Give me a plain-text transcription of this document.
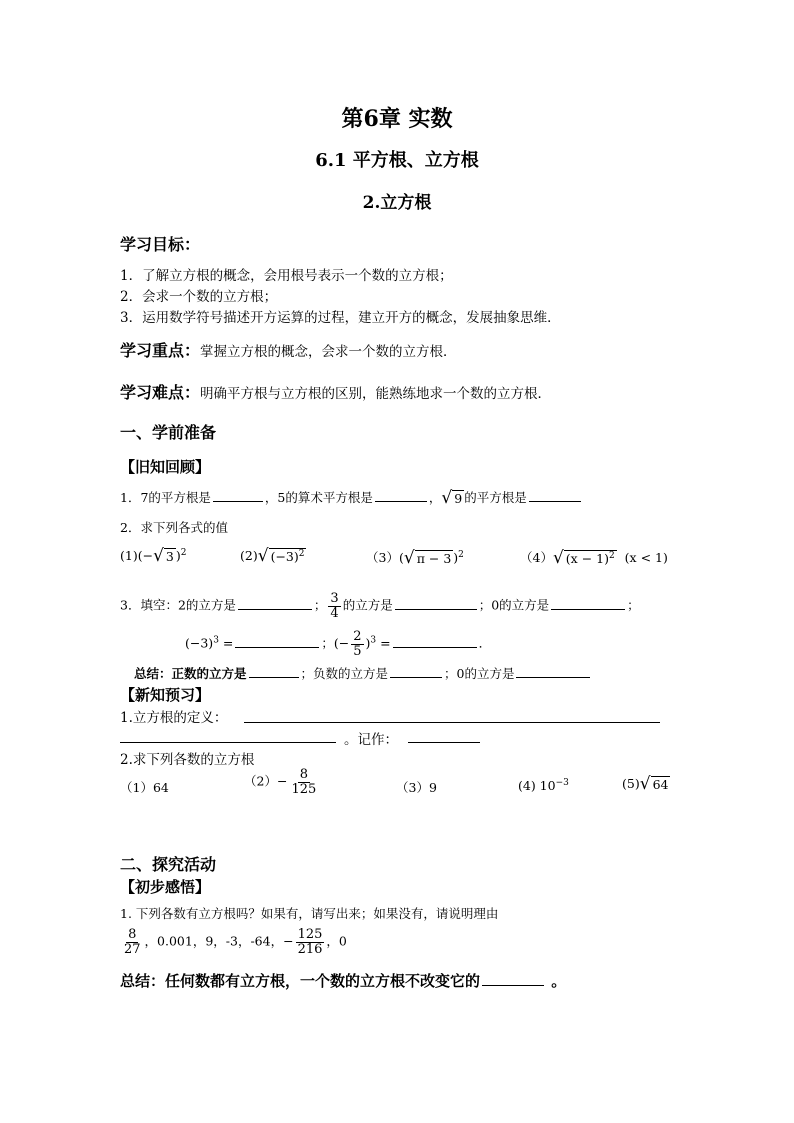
第6章 实数
6.1 平方根、立方根
2.立方根
学习目标：
1．了解立方根的概念，会用根号表示一个数的立方根；
2．会求一个数的立方根；
3．运用数学符号描述开方运算的过程，建立开方的概念，发展抽象思维．
学习重点：掌握立方根的概念，会求一个数的立方根．
学习难点：明确平方根与立方根的区别，能熟练地求一个数的立方根．
一、学前准备
【旧知回顾】
1．7的平方根是	，5的算术平方根是	， √ 9 的平方根是
2．求下列各式的值
(1)(− √ 3 )$^2$	(2) √ $(-3)^2$	（3）( √ π − 3 )$^2$	（4） √ $(x - 1)^2$ (x < 1)
3．填空：2的立方是	； $\frac{3}{4}$ 的立方是	；0的立方是	；
$(-3)^3$ =	；(− $\frac{2}{5} )^3$ =	．
总结：正数的立方是	；负数的立方是	；0的立方是
【新知预习】
1.立方根的定义：
。记作：
2.求下列各数的立方根
（1）64	$(2)- \frac{8}{125}$	（3）9	(4) $10^{-3}$	(5) √ 64
二、探究活动
【初步感悟】
1. 下列各数有立方根吗？如果有，请写出来；如果没有，请说明理由
$\frac{8}{27}$ ，0.001，9，-3，-64，− $\frac{125}{216}$ ，0
总结：任何数都有立方根，一个数的立方根不改变它的	。
